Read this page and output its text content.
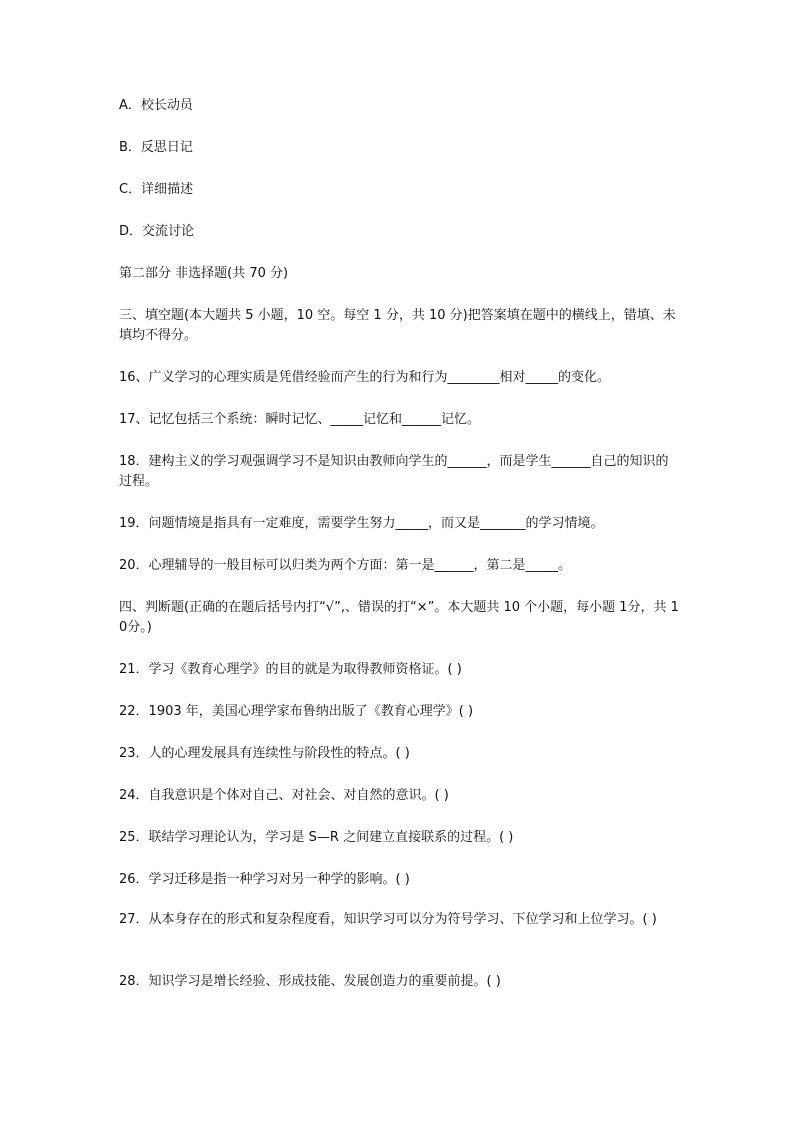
A．校长动员
B．反思日记
C．详细描述
D．交流讨论
第二部分 非选择题(共 70 分)
三、填空题(本大题共 5 小题，10 空。每空 1 分，共 10 分)把答案填在题中的横线上，错填、未填均不得分。
16、广义学习的心理实质是凭借经验而产生的行为和行为________相对_____的变化。
17、记忆包括三个系统：瞬时记忆、_____记忆和______记忆。
18．建构主义的学习观强调学习不是知识由教师向学生的______，而是学生______自己的知识的过程。
19．问题情境是指具有一定难度，需要学生努力_____，而又是_______的学习情境。
20．心理辅导的一般目标可以归类为两个方面：第一是______，第二是_____。
四、判断题(正确的在题后括号内打“√”,、错误的打“×”。本大题共 10 个小题，每小题 1分，共 10分。)
21．学习《教育心理学》的目的就是为取得教师资格证。( )
22．1903 年，美国心理学家布鲁纳出版了《教育心理学》( )
23．人的心理发展具有连续性与阶段性的特点。( )
24．自我意识是个体对自己、对社会、对自然的意识。( )
25．联结学习理论认为，学习是 S—R 之间建立直接联系的过程。( )
26．学习迁移是指一种学习对另一种学的影响。( )
27．从本身存在的形式和复杂程度看，知识学习可以分为符号学习、下位学习和上位学习。( )
28．知识学习是增长经验、形成技能、发展创造力的重要前提。( )
